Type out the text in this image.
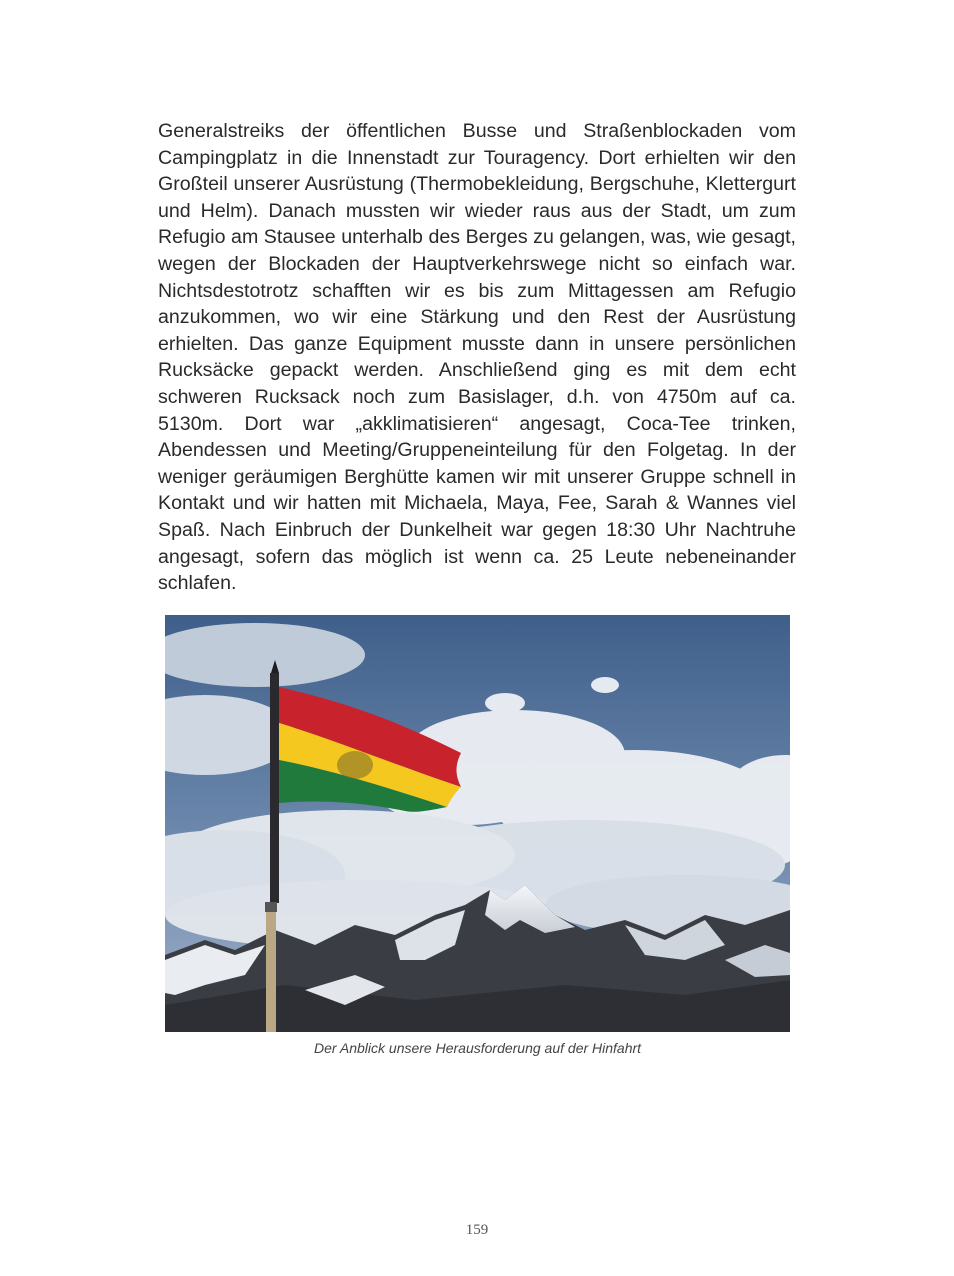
Generalstreiks der öffentlichen Busse und Straßenblockaden vom Campingplatz in die Innenstadt zur Touragency. Dort erhielten wir den Großteil unserer Ausrüstung (Thermobekleidung, Bergschuhe, Klettergurt und Helm). Danach mussten wir wieder raus aus der Stadt, um zum Refugio am Stausee unterhalb des Berges zu gelangen, was, wie gesagt, wegen der Blockaden der Hauptverkehrswege nicht so einfach war. Nichtsdestotrotz schafften wir es bis zum Mittagessen am Refugio anzukommen, wo wir eine Stärkung und den Rest der Ausrüstung erhielten. Das ganze Equipment musste dann in unsere persönlichen Rucksäcke gepackt werden. Anschließend ging es mit dem echt schweren Rucksack noch zum Basislager, d.h. von 4750m auf ca. 5130m. Dort war „akklimatisieren“ angesagt, Coca-Tee trinken, Abendessen und Meeting/Gruppeneinteilung für den Folgetag. In der weniger geräumigen Berghütte kamen wir mit unserer Gruppe schnell in Kontakt und wir hatten mit Michaela, Maya, Fee, Sarah & Wannes viel Spaß. Nach Einbruch der Dunkelheit war gegen 18:30 Uhr Nachtruhe angesagt, sofern das möglich ist wenn ca. 25 Leute nebeneinander schlafen.

Der Anblick unsere Herausforderung auf der Hinfahrt
159
